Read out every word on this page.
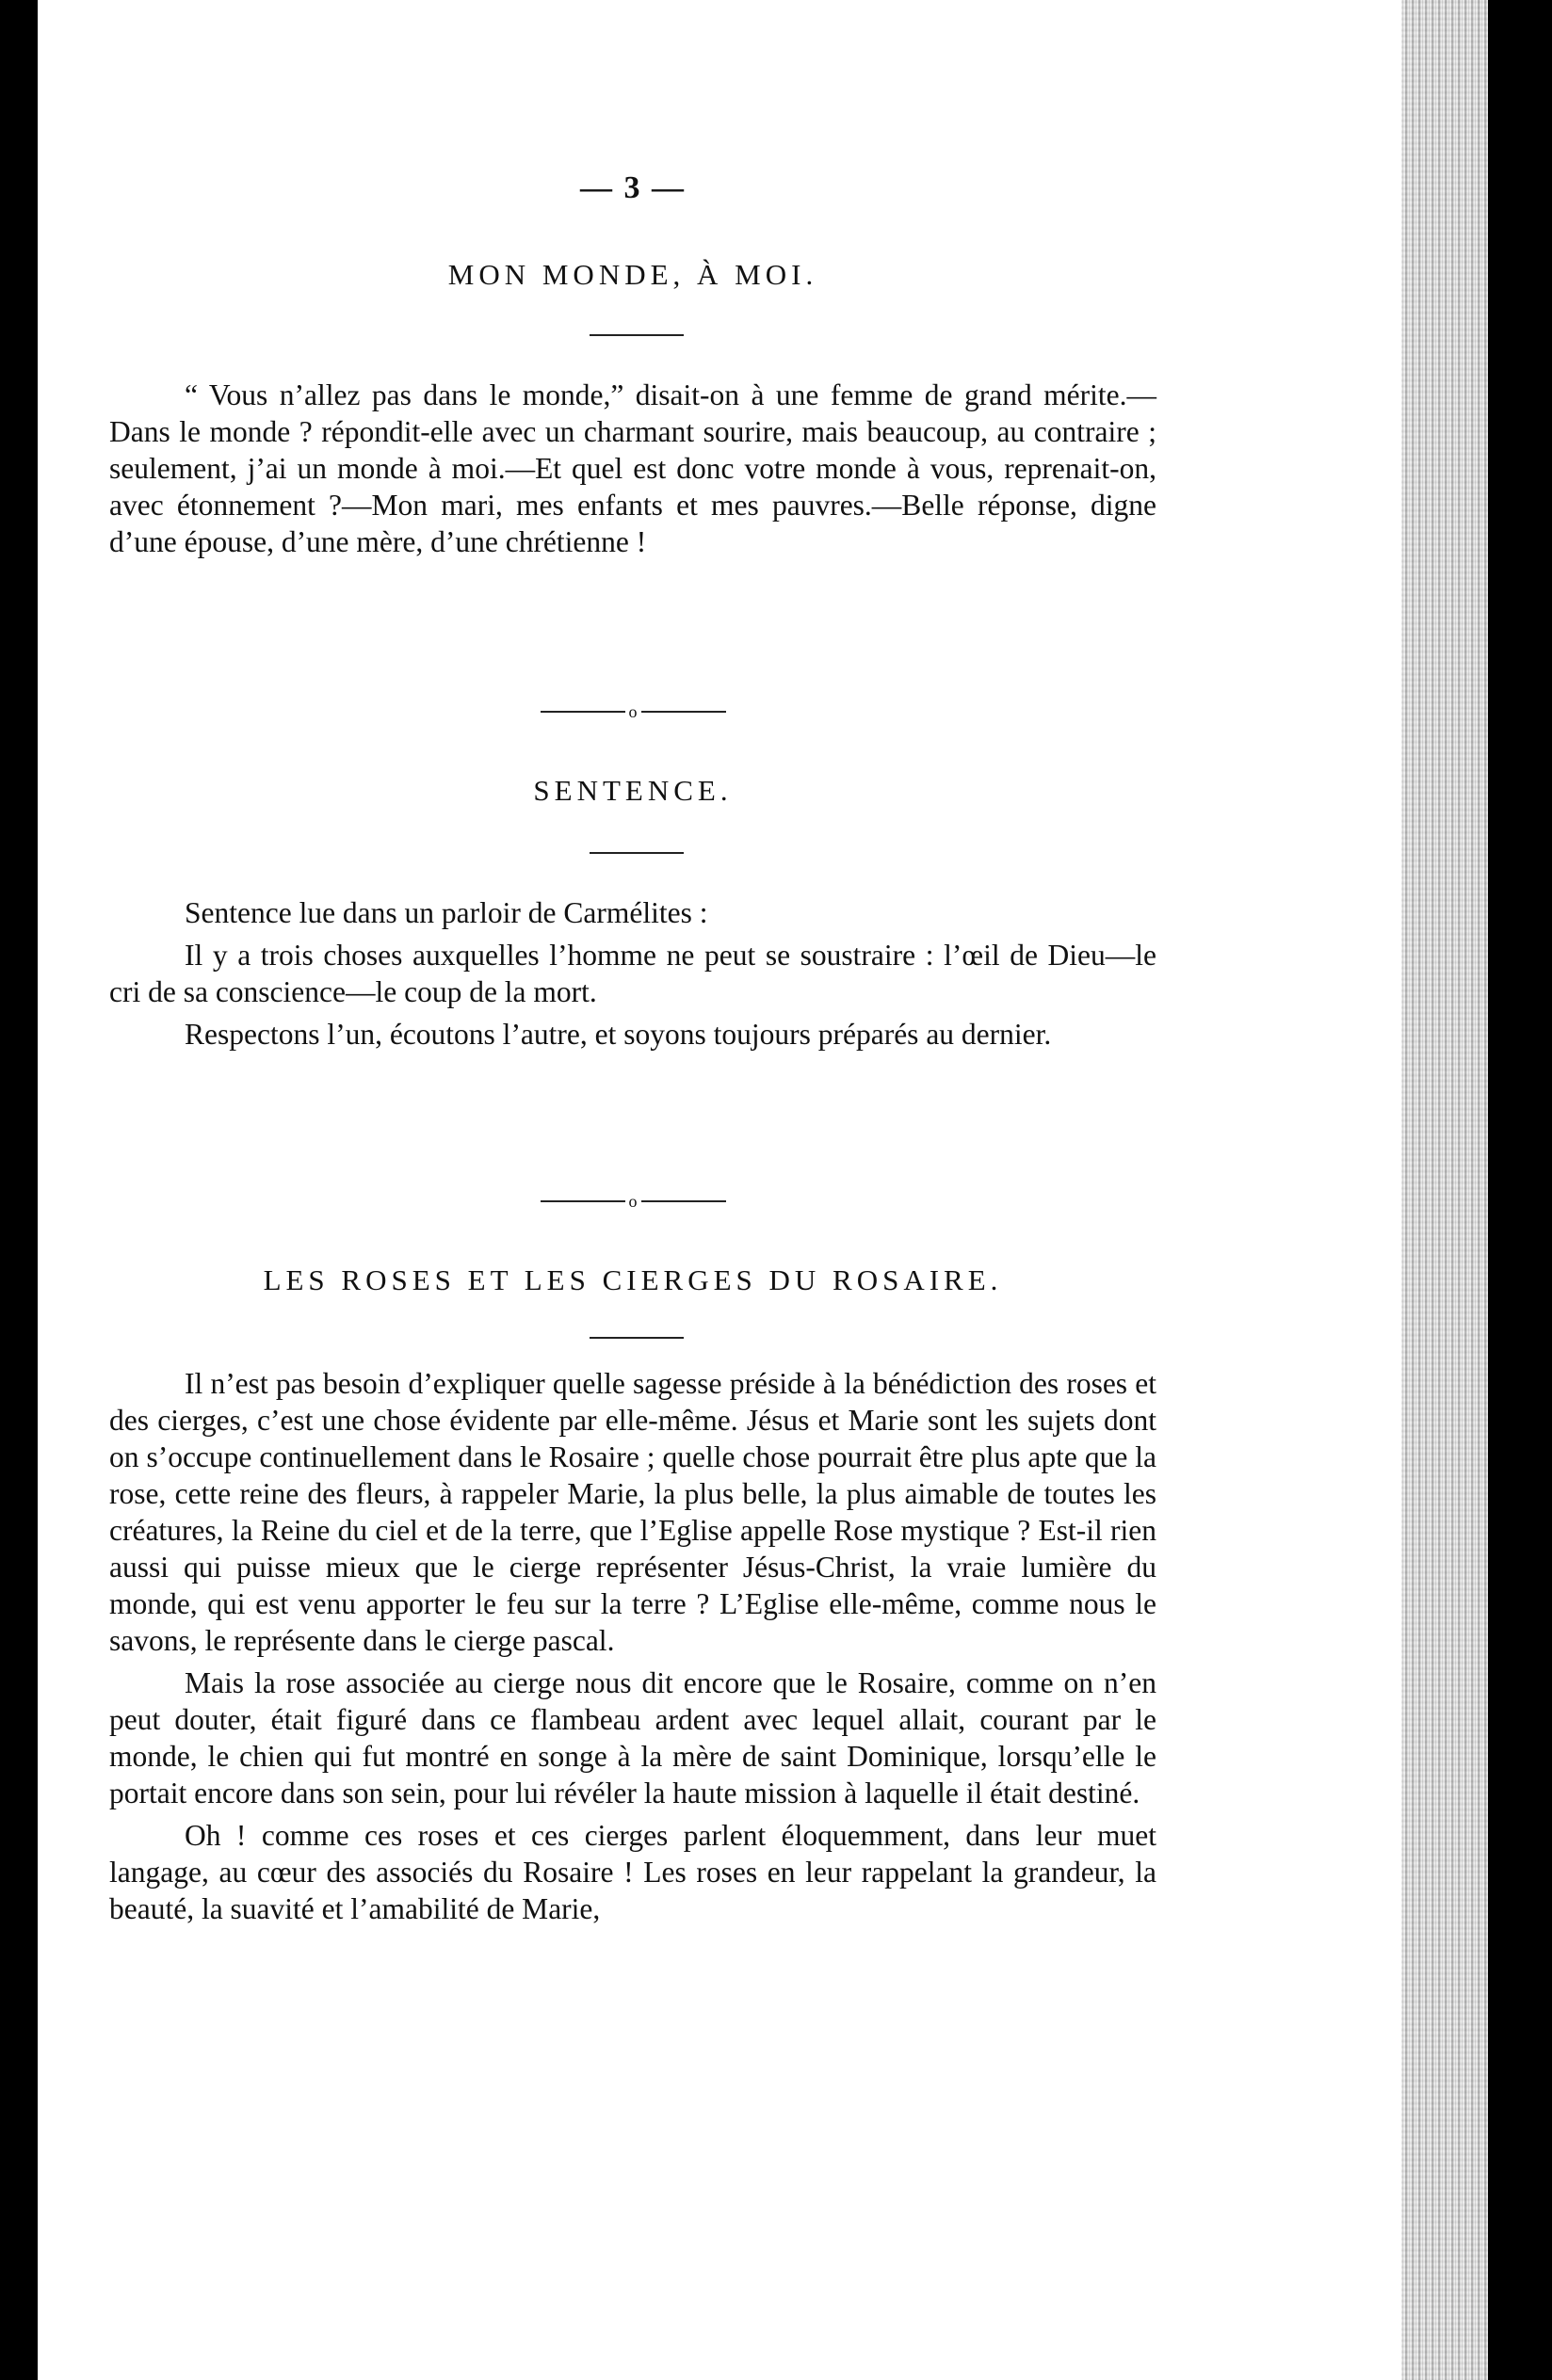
— 3 —
MON MONDE, À MOI.

“ Vous n’allez pas dans le monde,” disait-on à une femme de grand mérite.—Dans le monde ? répondit-elle avec un charmant sourire, mais beaucoup, au contraire ; seulement, j’ai un monde à moi.—Et quel est donc votre monde à vous, reprenait-on, avec étonnement ?—Mon mari, mes enfants et mes pauvres.—Belle réponse, digne d’une épouse, d’une mère, d’une chrétienne !

o
SENTENCE.

Sentence lue dans un parloir de Carmélites :

Il y a trois choses auxquelles l’homme ne peut se soustraire : l’œil de Dieu—le cri de sa conscience—le coup de la mort.

Respectons l’un, écoutons l’autre, et soyons toujours préparés au dernier.

o
LES ROSES ET LES CIERGES DU ROSAIRE.

Il n’est pas besoin d’expliquer quelle sagesse préside à la bénédiction des roses et des cierges, c’est une chose évidente par elle-même. Jésus et Marie sont les sujets dont on s’occupe continuellement dans le Rosaire ; quelle chose pourrait être plus apte que la rose, cette reine des fleurs, à rappeler Marie, la plus belle, la plus aimable de toutes les créatures, la Reine du ciel et de la terre, que l’Eglise appelle Rose mystique ? Est-il rien aussi qui puisse mieux que le cierge représenter Jésus-Christ, la vraie lumière du monde, qui est venu apporter le feu sur la terre ? L’Eglise elle-même, comme nous le savons, le représente dans le cierge pascal.

Mais la rose associée au cierge nous dit encore que le Rosaire, comme on n’en peut douter, était figuré dans ce flambeau ardent avec lequel allait, courant par le monde, le chien qui fut montré en songe à la mère de saint Dominique, lorsqu’elle le portait encore dans son sein, pour lui révéler la haute mission à laquelle il était destiné.

Oh ! comme ces roses et ces cierges parlent éloquemment, dans leur muet langage, au cœur des associés du Rosaire ! Les roses en leur rappelant la grandeur, la beauté, la suavité et l’amabilité de Marie,
